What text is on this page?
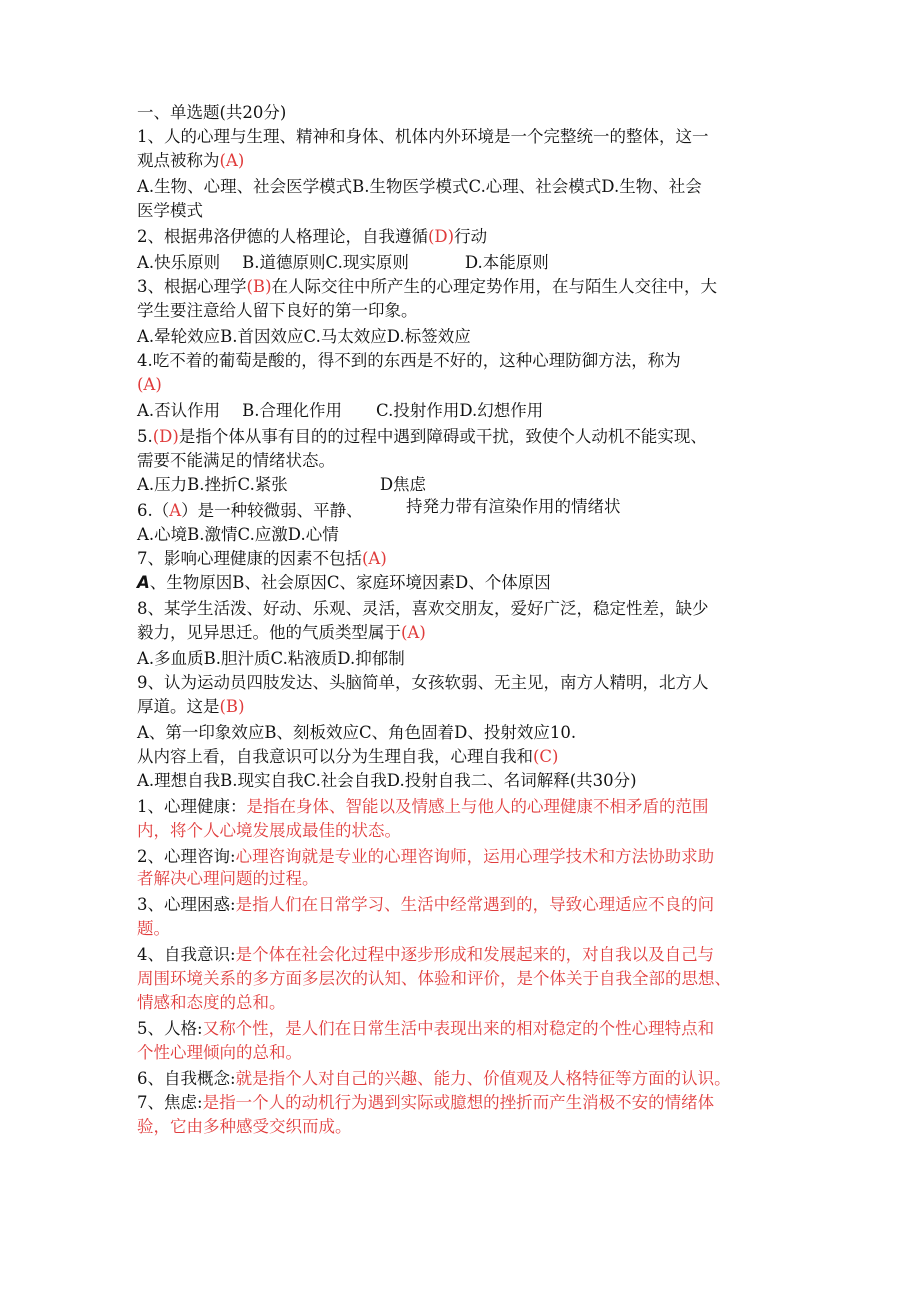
一、单选题(共20分)
1、人的心理与生理、精神和身体、机体内外环境是一个完整统一的整体，这一
观点被称为(A)
A.生物、心理、社会医学模式B.生物医学模式C.心理、社会模式D.生物、社会
医学模式
2、根据弗洛伊德的人格理论，自我遵循(D)行动
A.快乐原则 B.道德原则C.现实原则	D.本能原则
3、根据心理学(B)在人际交往中所产生的心理定势作用，在与陌生人交往中，大
学生要注意给人留下良好的第一印象。
A.晕轮效应B.首因效应C.马太效应D.标签效应
4.吃不着的葡萄是酸的，得不到的东西是不好的，这种心理防御方法，称为
(A)
A.否认作用 B.合理化作用 C.投射作用D.幻想作用
5.(D)是指个体从事有目的的过程中遇到障碍或干扰，致使个人动机不能实现、
需要不能满足的情绪状态。
A.压力B.挫折C.紧张	D焦虑
6.（A）是一种较微弱、平静、	持発力带有渲染作用的情绪状
A.心境B.激情C.应激D.心情
7、影响心理健康的因素不包括(A)
A、生物原因B、社会原因C、家庭环境因素D、个体原因
8、某学生活泼、好动、乐观、灵活，喜欢交朋友，爱好广泛，稳定性差，缺少
毅力，见异思迁。他的气质类型属于(A)
A.多血质B.胆汁质C.粘液质D.抑郁制
9、认为运动员四肢发达、头脑简单，女孩软弱、无主见，南方人精明，北方人
厚道。这是(B)
A、第一印象效应B、刻板效应C、角色固着D、投射效应10.
从内容上看，自我意识可以分为生理自我，心理自我和(C)
A.理想自我B.现实自我C.社会自我D.投射自我二、名词解释(共30分)
1、心理健康：是指在身体、智能以及情感上与他人的心理健康不相矛盾的范围
内，将个人心境发展成最佳的状态。
2、心理咨询:心理咨询就是专业的心理咨询师，运用心理学技术和方法协助求助
者解决心理问题的过程。
3、心理困惑:是指人们在日常学习、生活中经常遇到的，导致心理适应不良的问
题。
4、自我意识:是个体在社会化过程中逐步形成和发展起来的，对自我以及自己与
周围环境关系的多方面多层次的认知、体验和评价，是个体关于自我全部的思想、
情感和态度的总和。
5、人格:又称个性，是人们在日常生活中表现出来的相对稳定的个性心理特点和
个性心理倾向的总和。
6、自我概念:就是指个人对自己的兴趣、能力、价值观及人格特征等方面的认识。
7、焦虑:是指一个人的动机行为遇到实际或臆想的挫折而产生消极不安的情绪体
验，它由多种感受交织而成。
